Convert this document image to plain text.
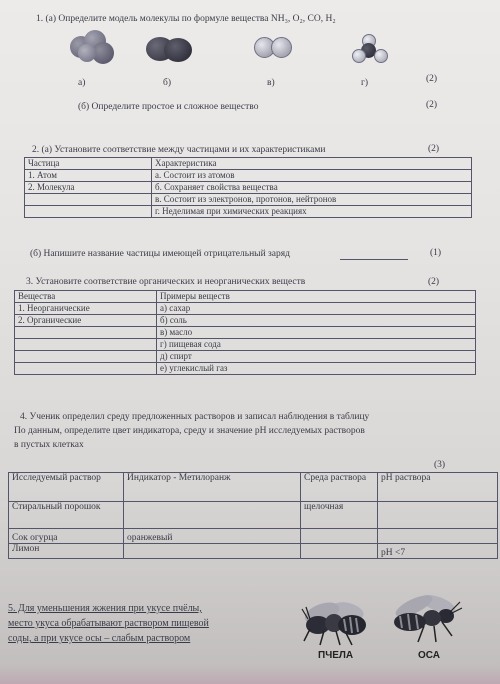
1. (а) Определите модель молекулы по формуле вещества NH₃, O₂, CO, H₂
а)	б)	в)	г)	(2)
(б) Определите простое и сложное вещество	(2)
2. (а) Установите соответствие между частицами и их характеристиками	(2)
Частица	Характеристика
1. Атом	а. Состоит из атомов
2. Молекула	б. Сохраняет свойства вещества
	в. Состоит из электронов, протонов, нейтронов
	г. Неделимая при химических реакциях
(б) Напишите название частицы имеющей отрицательный заряд	(1)
3. Установите соответствие органических и неорганических веществ	(2)
Вещества	Примеры веществ
1. Неорганические	а) сахар
2. Органические	б) соль
	в) масло
	г) пищевая сода
	д) спирт
	е) углекислый газ
4. Ученик определил среду предложенных растворов и записал наблюдения в таблицу
По данным, определите цвет индикатора, среду и значение pH исследуемых растворов
в пустых клетках
(3)
Исследуемый раствор	Индикатор - Метилоранж	Среда раствора	pH раствора
Стиральный порошок		щелочная	
Сок огурца	оранжевый		
Лимон			pH <7
5. Для уменьшения жжения при укусе пчёлы,
место укуса обрабатывают раствором пищевой
соды, а при укусе осы – слабым раствором
ПЧЕЛА	ОСА
